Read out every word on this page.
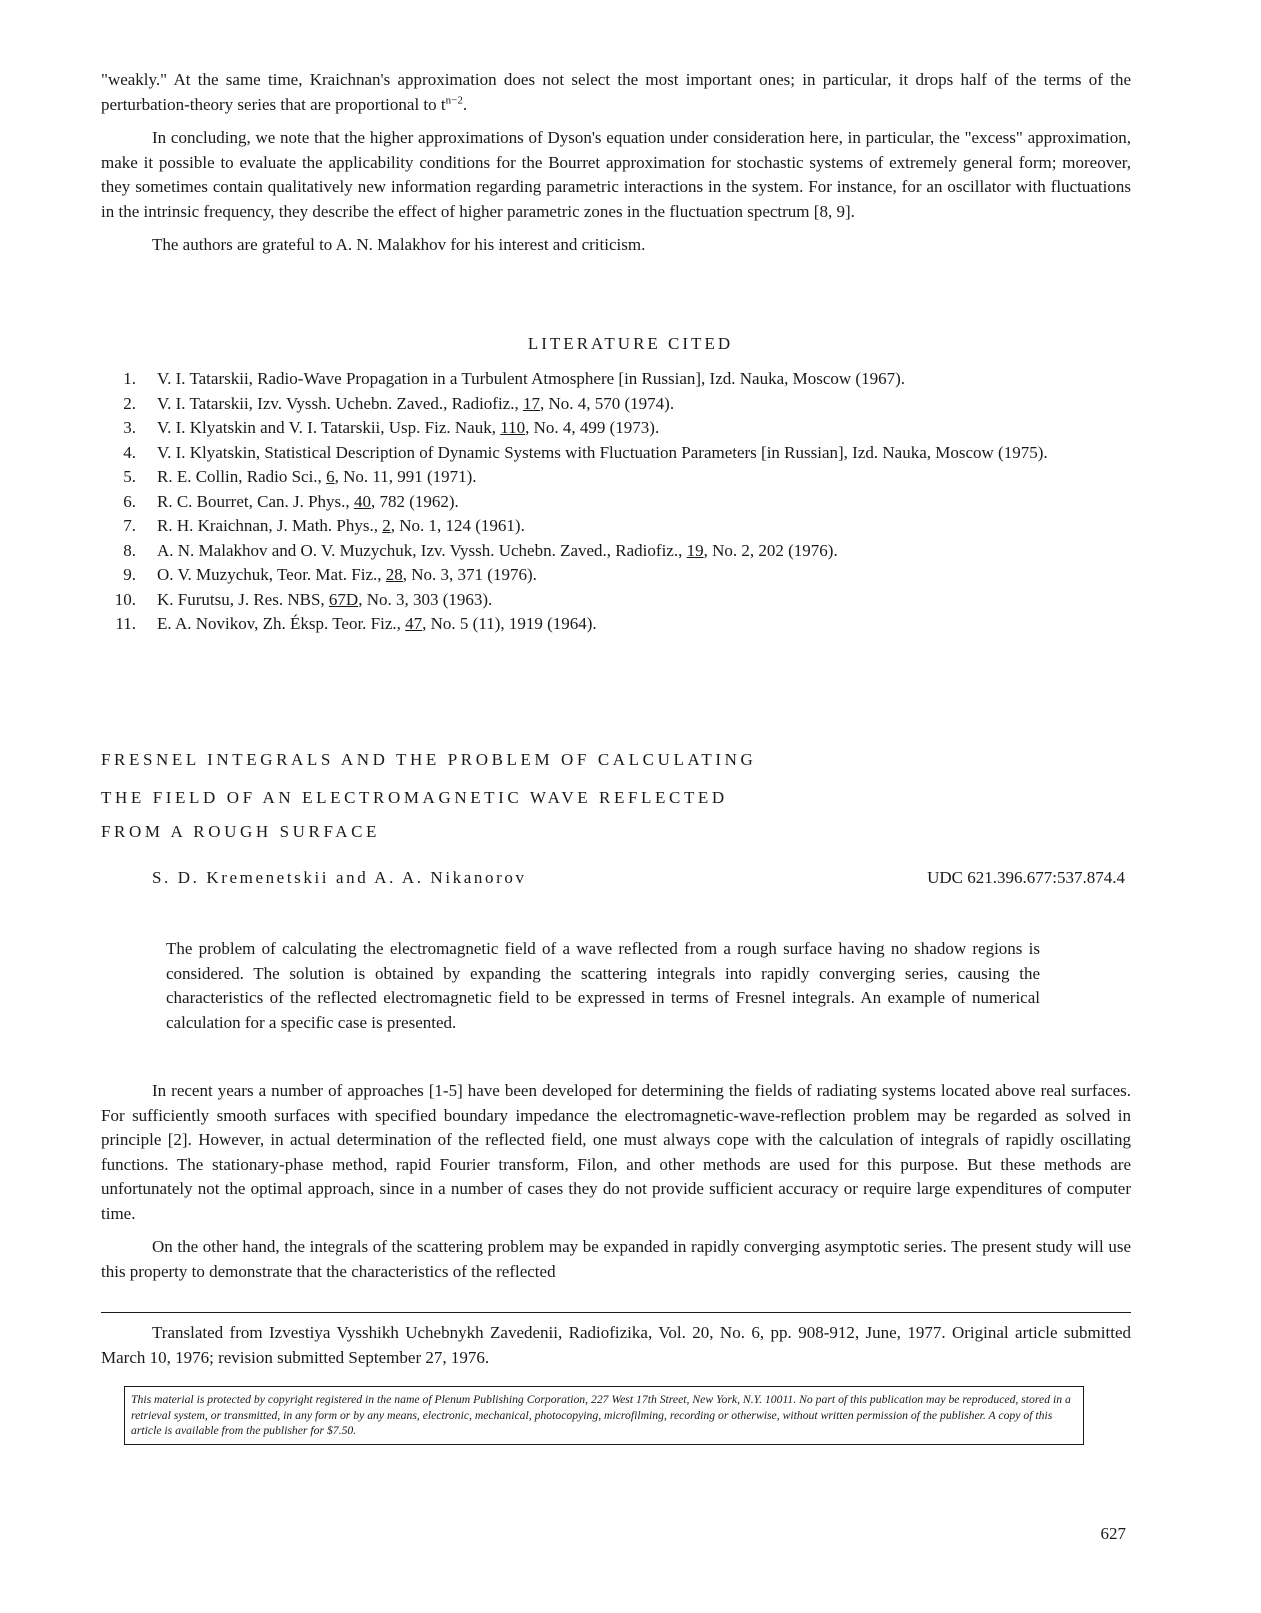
"weakly." At the same time, Kraichnan's approximation does not select the most important ones; in particular, it drops half of the terms of the perturbation-theory series that are proportional to $t^{n-2}$.

In concluding, we note that the higher approximations of Dyson's equation under consideration here, in particular, the "excess" approximation, make it possible to evaluate the applicability conditions for the Bourret approximation for stochastic systems of extremely general form; moreover, they sometimes contain qualitatively new information regarding parametric interactions in the system. For instance, for an oscillator with fluctuations in the intrinsic frequency, they describe the effect of higher parametric zones in the fluctuation spectrum [8, 9].

The authors are grateful to A. N. Malakhov for his interest and criticism.

LITERATURE CITED
1.	V. I. Tatarskii, Radio-Wave Propagation in a Turbulent Atmosphere [in Russian], Izd. Nauka, Moscow (1967).
2.	V. I. Tatarskii, Izv. Vyssh. Uchebn. Zaved., Radiofiz., 17, No. 4, 570 (1974).
3.	V. I. Klyatskin and V. I. Tatarskii, Usp. Fiz. Nauk, 110, No. 4, 499 (1973).
4.	V. I. Klyatskin, Statistical Description of Dynamic Systems with Fluctuation Parameters [in Russian], Izd. Nauka, Moscow (1975).
5.	R. E. Collin, Radio Sci., 6, No. 11, 991 (1971).
6.	R. C. Bourret, Can. J. Phys., 40, 782 (1962).
7.	R. H. Kraichnan, J. Math. Phys., 2, No. 1, 124 (1961).
8.	A. N. Malakhov and O. V. Muzychuk, Izv. Vyssh. Uchebn. Zaved., Radiofiz., 19, No. 2, 202 (1976).
9.	O. V. Muzychuk, Teor. Mat. Fiz., 28, No. 3, 371 (1976).
10.	K. Furutsu, J. Res. NBS, 67D, No. 3, 303 (1963).
11.	E. A. Novikov, Zh. Éksp. Teor. Fiz., 47, No. 5 (11), 1919 (1964).
FRESNEL INTEGRALS AND THE PROBLEM OF CALCULATING
THE FIELD OF AN ELECTROMAGNETIC WAVE REFLECTED
FROM A ROUGH SURFACE
S. D. Kremenetskii and A. A. Nikanorov	UDC 621.396.677:537.874.4

The problem of calculating the electromagnetic field of a wave reflected from a rough surface having no shadow regions is considered. The solution is obtained by expanding the scattering integrals into rapidly converging series, causing the characteristics of the reflected electromagnetic field to be expressed in terms of Fresnel integrals. An example of numerical calculation for a specific case is presented.

In recent years a number of approaches [1-5] have been developed for determining the fields of radiating systems located above real surfaces. For sufficiently smooth surfaces with specified boundary impedance the electromagnetic-wave-reflection problem may be regarded as solved in principle [2]. However, in actual determination of the reflected field, one must always cope with the calculation of integrals of rapidly oscillating functions. The stationary-phase method, rapid Fourier transform, Filon, and other methods are used for this purpose. But these methods are unfortunately not the optimal approach, since in a number of cases they do not provide sufficient accuracy or require large expenditures of computer time.

On the other hand, the integrals of the scattering problem may be expanded in rapidly converging asymptotic series. The present study will use this property to demonstrate that the characteristics of the reflected

Translated from Izvestiya Vysshikh Uchebnykh Zavedenii, Radiofizika, Vol. 20, No. 6, pp. 908-912, June, 1977. Original article submitted March 10, 1976; revision submitted September 27, 1976.

This material is protected by copyright registered in the name of Plenum Publishing Corporation, 227 West 17th Street, New York, N.Y. 10011. No part of this publication may be reproduced, stored in a retrieval system, or transmitted, in any form or by any means, electronic, mechanical, photocopying, microfilming, recording or otherwise, without written permission of the publisher. A copy of this article is available from the publisher for $7.50.
627
